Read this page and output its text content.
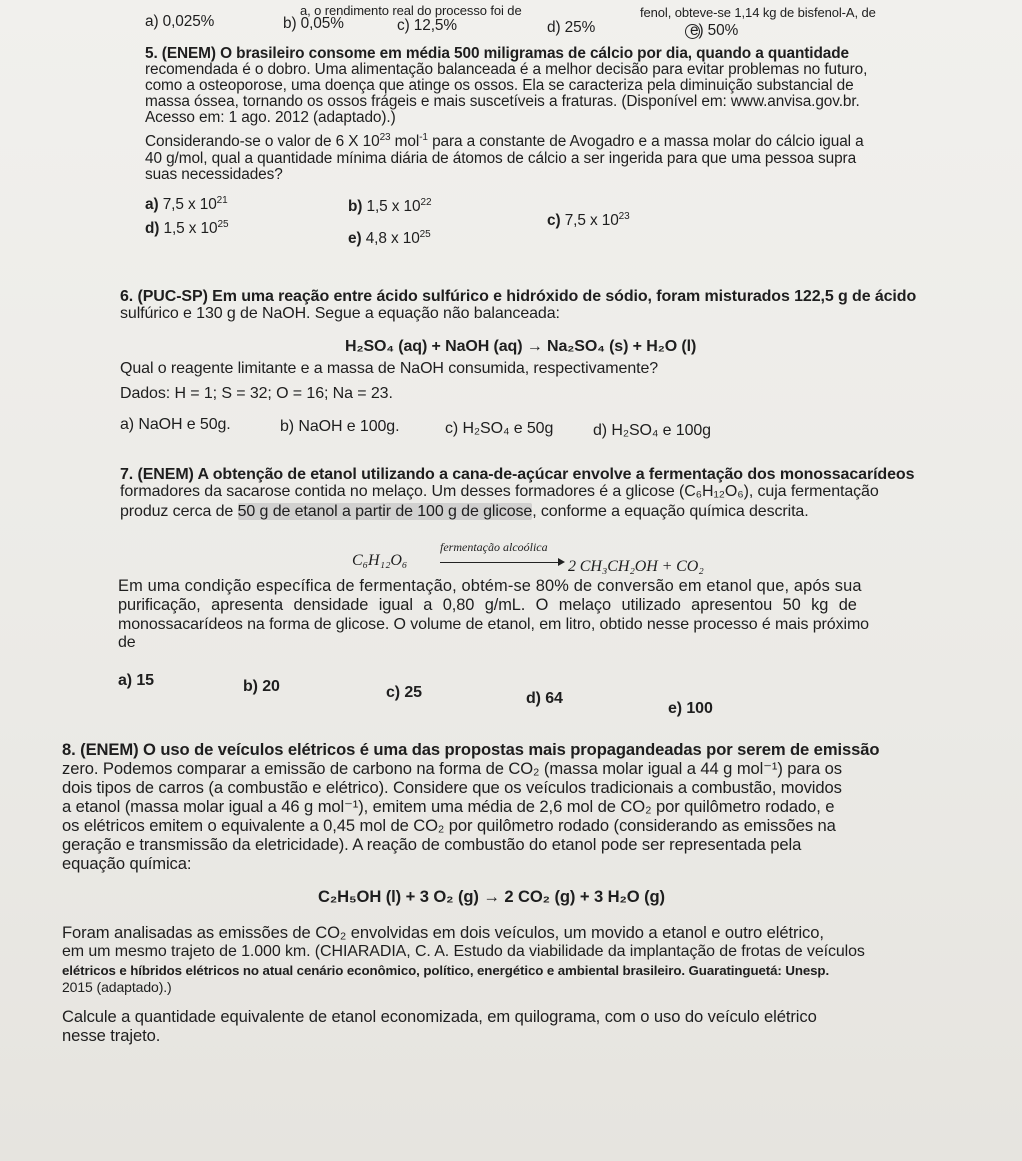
a, o rendimento real do processo foi de	fenol, obteve-se 1,14 kg de bisfenol-A, de
a) 0,025%	b) 0,05%	c) 12,5%	d) 25%	e) 50%
5. (ENEM) O brasileiro consome em média 500 miligramas de cálcio por dia, quando a quantidade
recomendada é o dobro. Uma alimentação balanceada é a melhor decisão para evitar problemas no futuro,
como a osteoporose, uma doença que atinge os ossos. Ela se caracteriza pela diminuição substancial de
massa óssea, tornando os ossos frágeis e mais suscetíveis a fraturas. (Disponível em: www.anvisa.gov.br.
Acesso em: 1 ago. 2012 (adaptado).)
Considerando-se o valor de 6 X $10^{23}$ mol$^{-1}$ para a constante de Avogadro e a massa molar do cálcio igual a
40 g/mol, qual a quantidade mínima diária de átomos de cálcio a ser ingerida para que uma pessoa supra
suas necessidades?
a) 7,5 x $10^{21}$	b) 1,5 x $10^{22}$
c) 7,5 x $10^{23}$
d) 1,5 x $10^{25}$
e) 4,8 x $10^{25}$
6. (PUC-SP) Em uma reação entre ácido sulfúrico e hidróxido de sódio, foram misturados 122,5 g de ácido
sulfúrico e 130 g de NaOH. Segue a equação não balanceada:
H₂SO₄ (aq) + NaOH (aq) → Na₂SO₄ (s) + H₂O (l)
Qual o reagente limitante e a massa de NaOH consumida, respectivamente?
Dados: H = 1; S = 32; O = 16; Na = 23.
a) NaOH e 50g.	b) NaOH e 100g.	c) H₂SO₄ e 50g d) H₂SO₄ e 100g
7. (ENEM) A obtenção de etanol utilizando a cana-de-açúcar envolve a fermentação dos monossacarídeos
formadores da sacarose contida no melaço. Um desses formadores é a glicose (C₆H₁₂O₆), cuja fermentação
produz cerca de 50 g de etanol a partir de 100 g de glicose, conforme a equação química descrita.
C₆H₁₂O₆
fermentação alcoólica
2 CH₃CH₂OH + CO₂
Em uma condição específica de fermentação, obtém-se 80% de conversão em etanol que, após sua
purificação, apresenta densidade igual a 0,80 g/mL. O melaço utilizado apresentou 50 kg de
monossacarídeos na forma de glicose. O volume de etanol, em litro, obtido nesse processo é mais próximo
de
a) 15	b) 20	c) 25	d) 64
e) 100
8. (ENEM) O uso de veículos elétricos é uma das propostas mais propagandeadas por serem de emissão
zero. Podemos comparar a emissão de carbono na forma de CO₂ (massa molar igual a 44 g mol⁻¹) para os
dois tipos de carros (a combustão e elétrico). Considere que os veículos tradicionais a combustão, movidos
a etanol (massa molar igual a 46 g mol⁻¹), emitem uma média de 2,6 mol de CO₂ por quilômetro rodado, e
os elétricos emitem o equivalente a 0,45 mol de CO₂ por quilômetro rodado (considerando as emissões na
geração e transmissão da eletricidade). A reação de combustão do etanol pode ser representada pela
equação química:
C₂H₅OH (l) + 3 O₂ (g) → 2 CO₂ (g) + 3 H₂O (g)
Foram analisadas as emissões de CO₂ envolvidas em dois veículos, um movido a etanol e outro elétrico,
em um mesmo trajeto de 1.000 km. (CHIARADIA, C. A. Estudo da viabilidade da implantação de frotas de veículos
elétricos e híbridos elétricos no atual cenário econômico, político, energético e ambiental brasileiro. Guaratinguetá: Unesp.
2015 (adaptado).)
Calcule a quantidade equivalente de etanol economizada, em quilograma, com o uso do veículo elétrico
nesse trajeto.
